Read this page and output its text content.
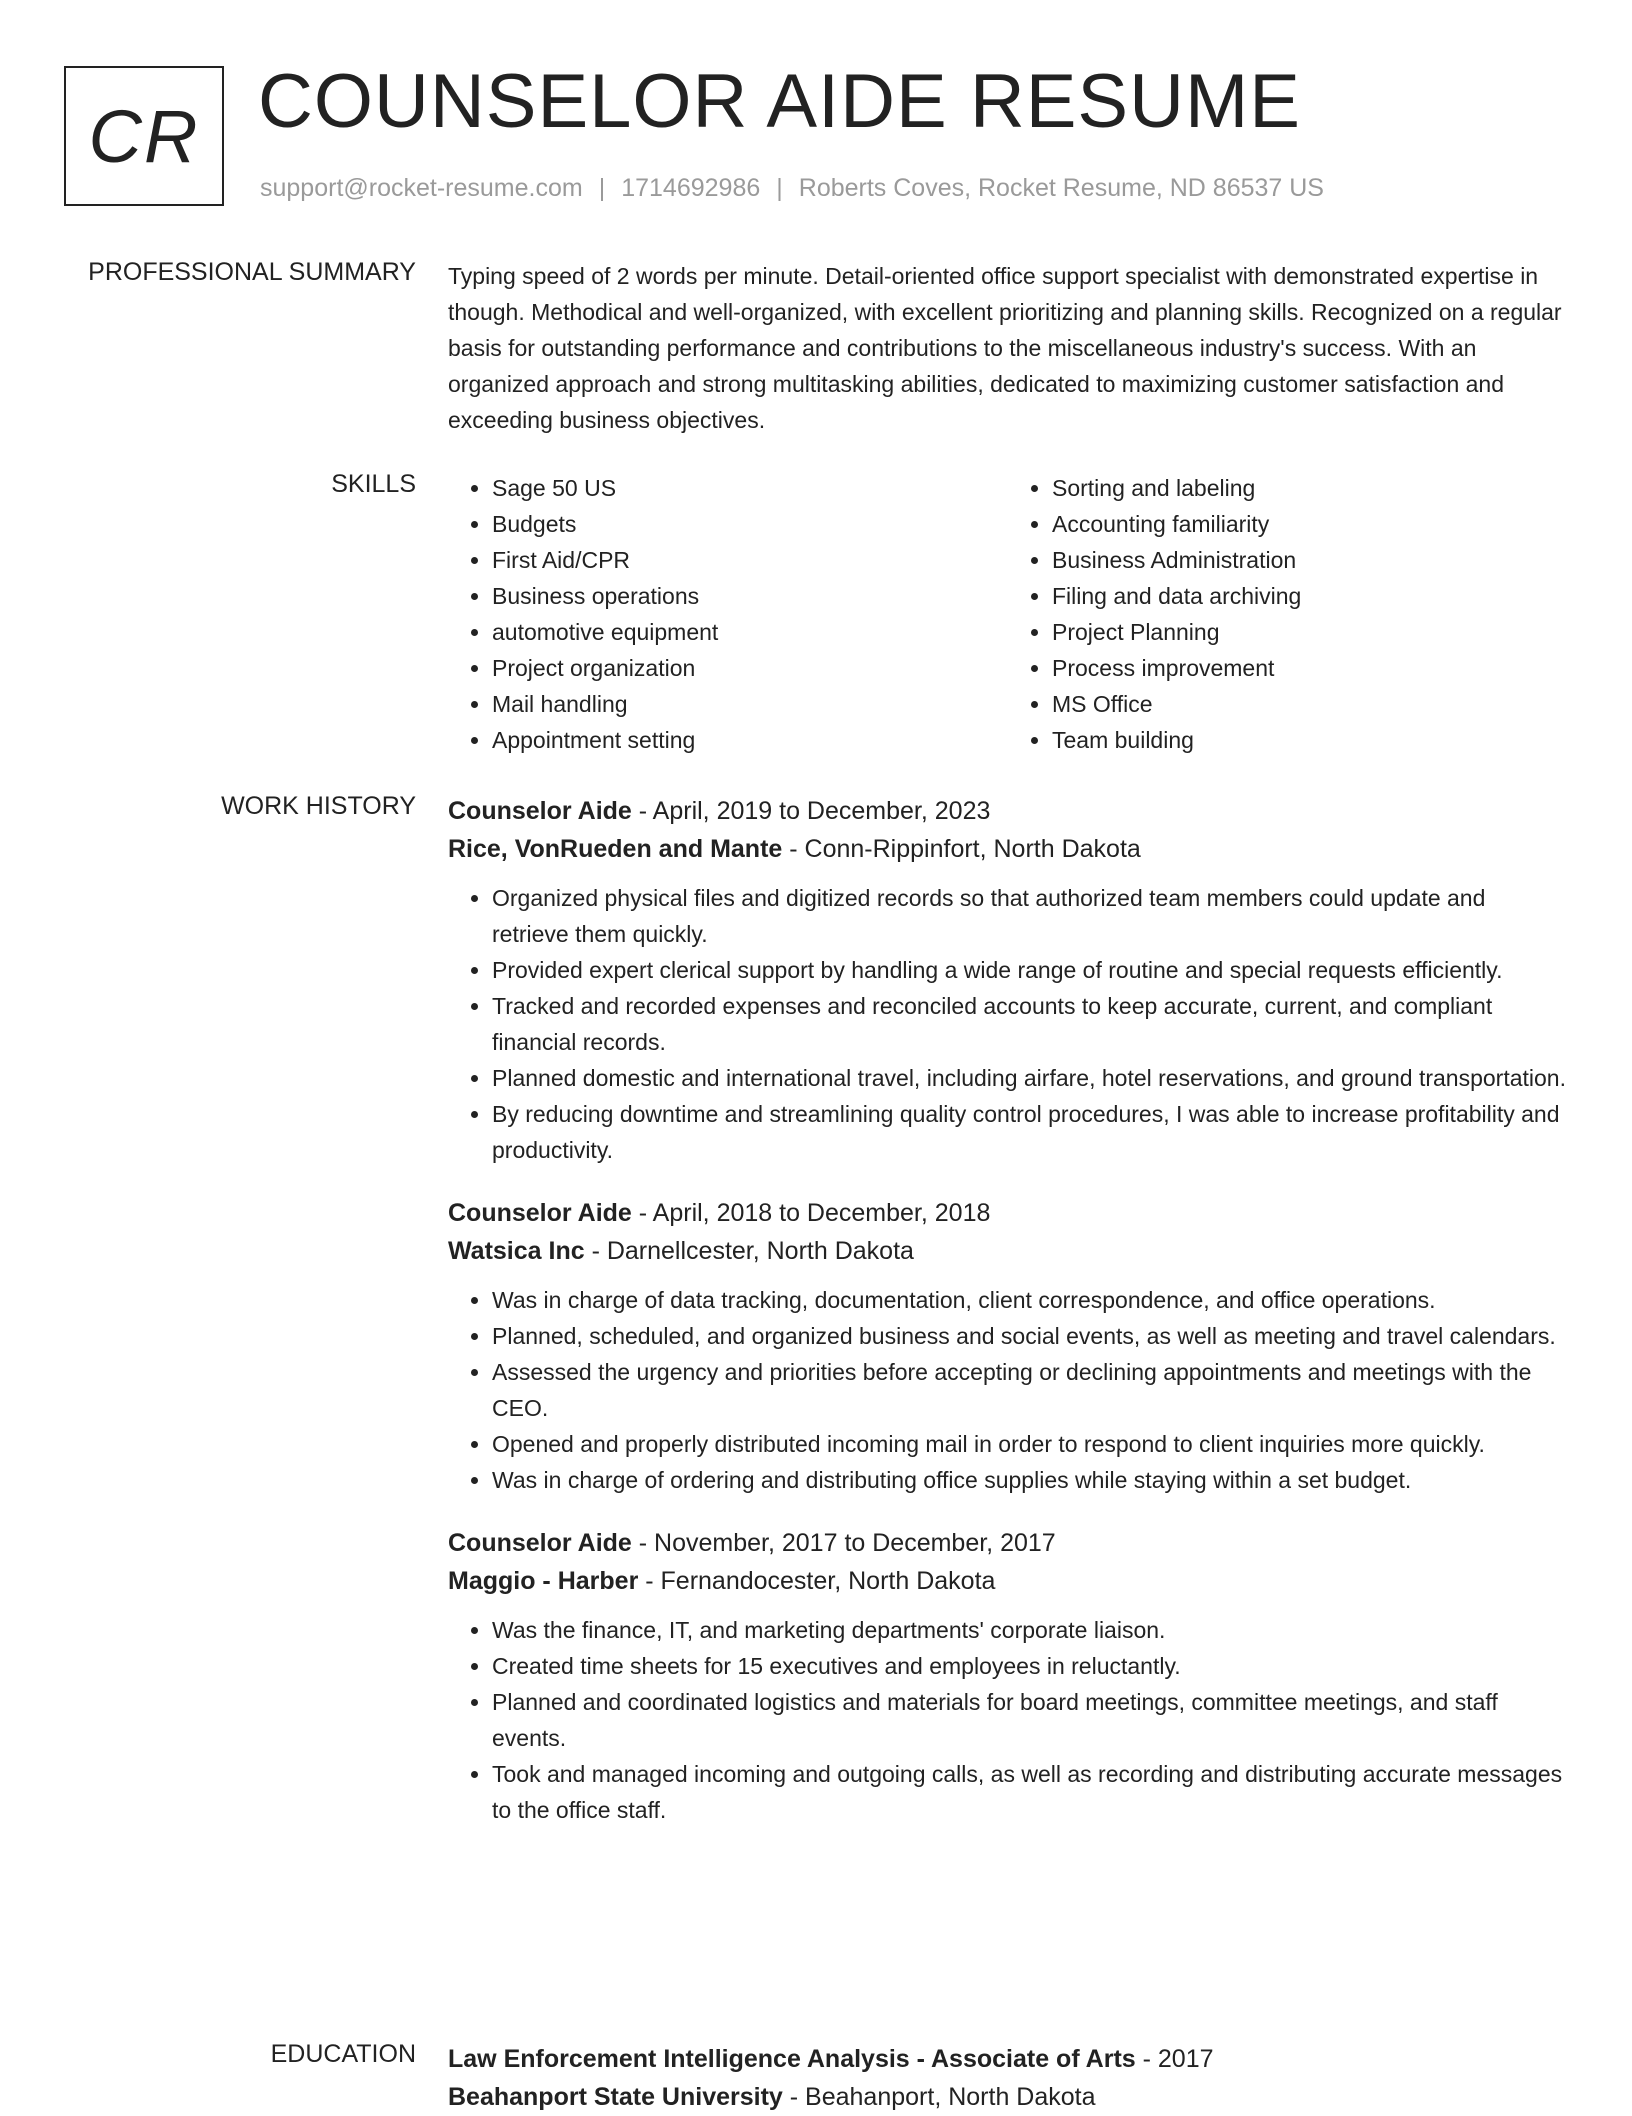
CR COUNSELOR AIDE RESUME
support@rocket-resume.com | 1714692986 | Roberts Coves, Rocket Resume, ND 86537 US
PROFESSIONAL SUMMARY Typing speed of 2 words per minute. Detail-oriented office support specialist with demonstrated expertise in though. Methodical and well-organized, with excellent prioritizing and planning skills. Recognized on a regular basis for outstanding performance and contributions to the miscellaneous industry's success. With an organized approach and strong multitasking abilities, dedicated to maximizing customer satisfaction and exceeding business objectives.

SKILLS
•	Sage 50 US
• Budgets
• First Aid/CPR
• Business operations
• automotive equipment
• Project organization
• Mail handling
• Appointment setting
• Sorting and labeling
• Accounting familiarity
• Business Administration
• Filing and data archiving
• Project Planning
• Process improvement
• MS Office
• Team building
WORK HISTORY Counselor Aide - April, 2019 to December, 2023
Rice, VonRueden and Mante - Conn-Rippinfort, North Dakota
• Organized physical files and digitized records so that authorized team members could update and retrieve them quickly.
• Provided expert clerical support by handling a wide range of routine and special requests efficiently.
• Tracked and recorded expenses and reconciled accounts to keep accurate, current, and compliant financial records.
• Planned domestic and international travel, including airfare, hotel reservations, and ground transportation.
• By reducing downtime and streamlining quality control procedures, I was able to increase profitability and productivity.
Counselor Aide - April, 2018 to December, 2018
Watsica Inc - Darnellcester, North Dakota
• Was in charge of data tracking, documentation, client correspondence, and office operations.
• Planned, scheduled, and organized business and social events, as well as meeting and travel calendars.
• Assessed the urgency and priorities before accepting or declining appointments and meetings with the CEO.
• Opened and properly distributed incoming mail in order to respond to client inquiries more quickly.
• Was in charge of ordering and distributing office supplies while staying within a set budget.
Counselor Aide - November, 2017 to December, 2017
Maggio - Harber - Fernandocester, North Dakota
• Was the finance, IT, and marketing departments' corporate liaison.
• Created time sheets for 15 executives and employees in reluctantly.
• Planned and coordinated logistics and materials for board meetings, committee meetings, and staff events.
• Took and managed incoming and outgoing calls, as well as recording and distributing accurate messages to the office staff.
EDUCATION Law Enforcement Intelligence Analysis - Associate of Arts - 2017
Beahanport State University - Beahanport, North Dakota
